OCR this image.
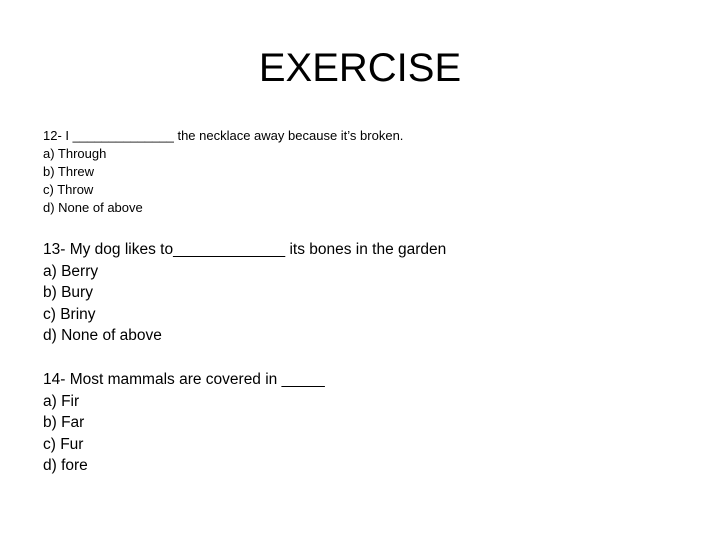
EXERCISE
12- I ______________ the necklace away because it’s broken.
a) Through
b) Threw
c) Throw
d) None of above
13- My dog likes to_____________ its bones in the garden
a) Berry
b) Bury
c) Briny
d) None of above
14- Most mammals are covered in _____
a) Fir
b) Far
c) Fur
d) fore
